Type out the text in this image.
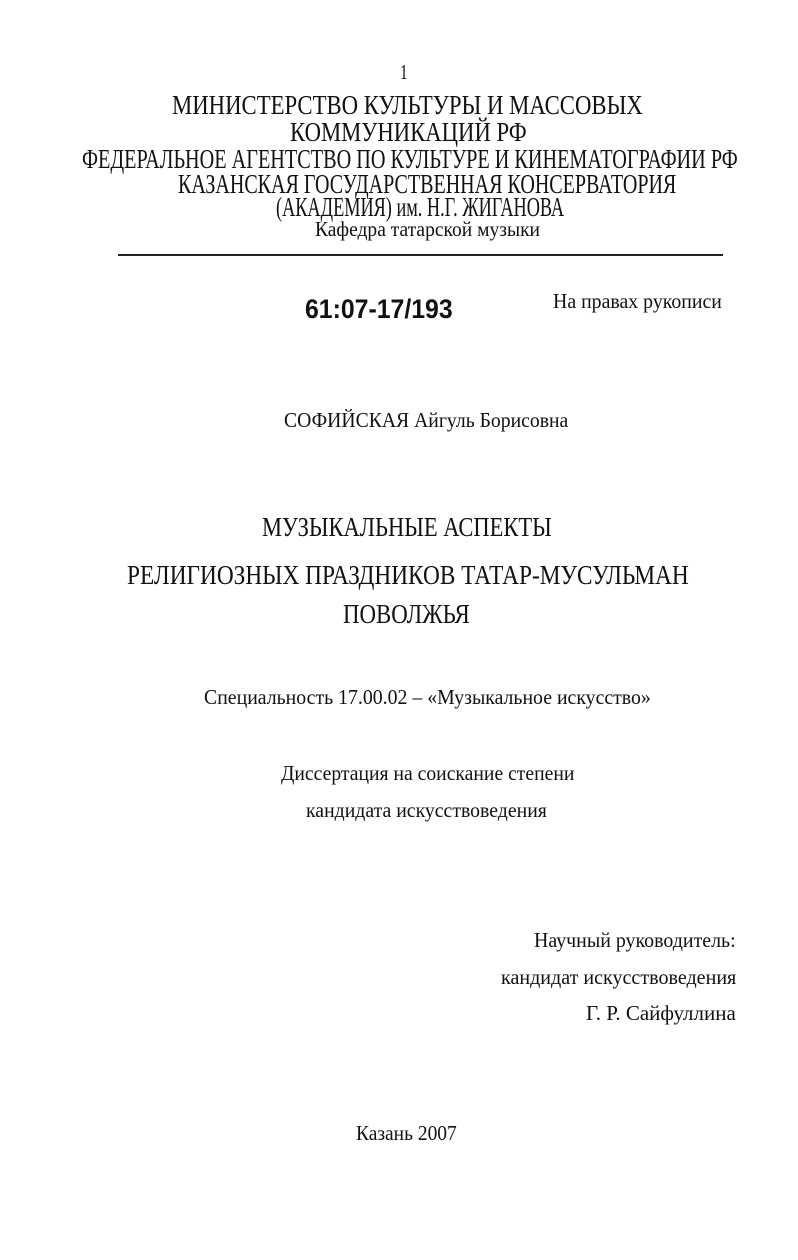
1
МИНИСТЕРСТВО КУЛЬТУРЫ И МАССОВЫХ
КОММУНИКАЦИЙ РФ
ФЕДЕРАЛЬНОЕ АГЕНТСТВО ПО КУЛЬТУРЕ И КИНЕМАТОГРАФИИ РФ
КАЗАНСКАЯ ГОСУДАРСТВЕННАЯ КОНСЕРВАТОРИЯ
(АКАДЕМИЯ) им. Н.Г. ЖИГАНОВА
Кафедра татарской музыки
61:07-17/193	На правах рукописи
СОФИЙСКАЯ Айгуль Борисовна
МУЗЫКАЛЬНЫЕ АСПЕКТЫ
РЕЛИГИОЗНЫХ ПРАЗДНИКОВ ТАТАР-МУСУЛЬМАН
ПОВОЛЖЬЯ
Специальность 17.00.02 – «Музыкальное искусство»
Диссертация на соискание степени
кандидата искусствоведения
Научный руководитель:
кандидат искусствоведения
Г. Р. Сайфуллина
Казань 2007
